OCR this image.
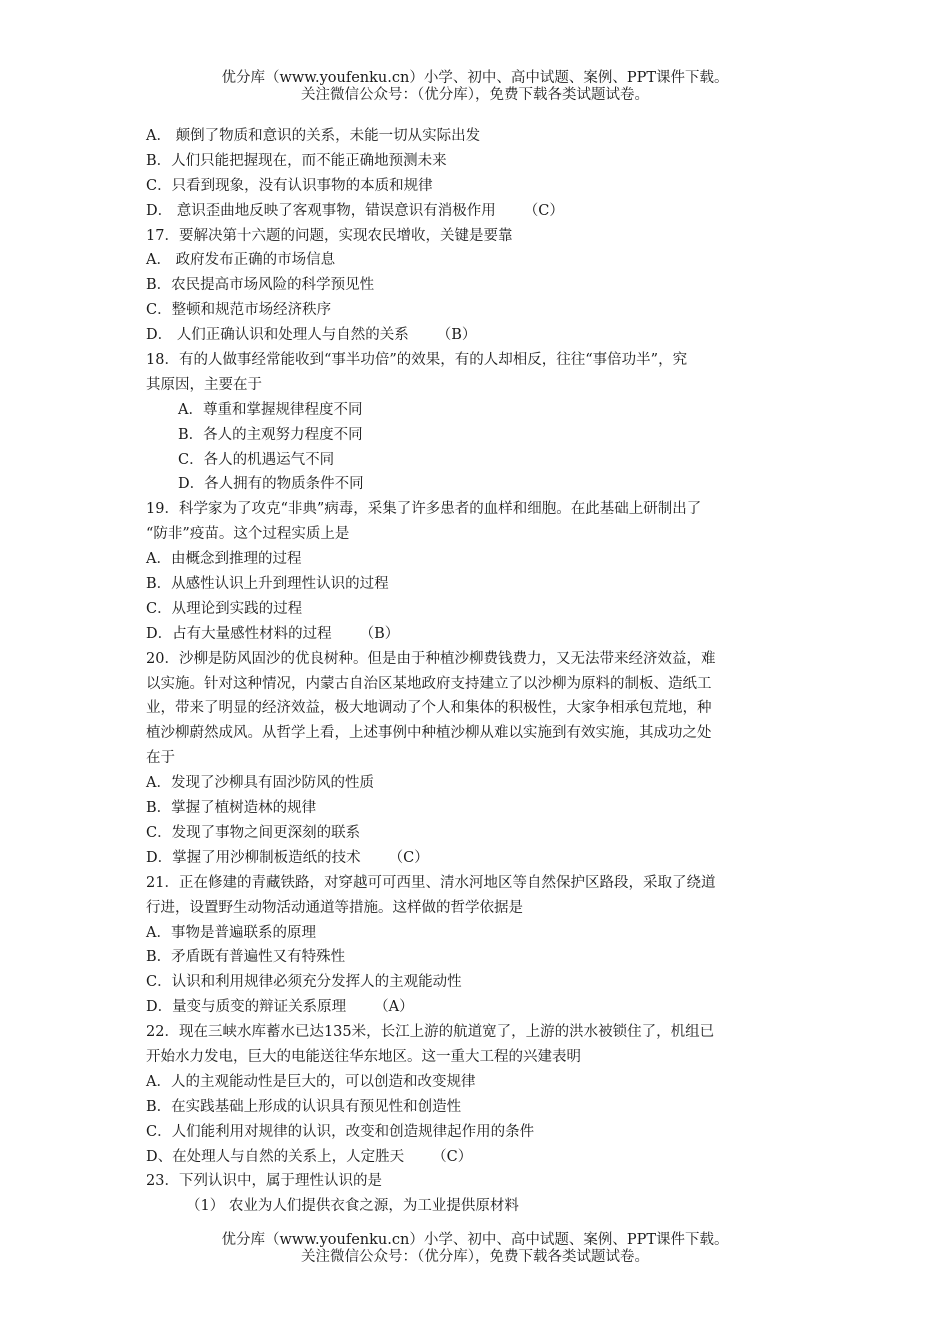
优分库（www.youfenku.cn）小学、初中、高中试题、案例、PPT课件下载。
关注微信公众号：（优分库），免费下载各类试题试卷。
A． 颠倒了物质和意识的关系，未能一切从实际出发
B．人们只能把握现在，而不能正确地预测未来
C．只看到现象，没有认识事物的本质和规律
D． 意识歪曲地反映了客观事物，错误意识有消极作用 （C）
17．要解决第十六题的问题，实现农民增收，关键是要靠
A． 政府发布正确的市场信息
B．农民提高市场风险的科学预见性
C．整顿和规范市场经济秩序
D． 人们正确认识和处理人与自然的关系 （B）
18．有的人做事经常能收到“事半功倍”的效果，有的人却相反，往往“事倍功半”，究
其原因，主要在于
A．尊重和掌握规律程度不同
B．各人的主观努力程度不同
C．各人的机遇运气不同
D．各人拥有的物质条件不同
19．科学家为了攻克“非典”病毒，采集了许多患者的血样和细胞。在此基础上研制出了
“防非”疫苗。这个过程实质上是
A．由概念到推理的过程
B．从感性认识上升到理性认识的过程
C．从理论到实践的过程
D．占有大量感性材料的过程 （B）
20．沙柳是防风固沙的优良树种。但是由于种植沙柳费钱费力，又无法带来经济效益，难
以实施。针对这种情况，内蒙古自治区某地政府支持建立了以沙柳为原料的制板、造纸工
业，带来了明显的经济效益，极大地调动了个人和集体的积极性，大家争相承包荒地，种
植沙柳蔚然成风。从哲学上看，上述事例中种植沙柳从难以实施到有效实施，其成功之处
在于
A．发现了沙柳具有固沙防风的性质
B．掌握了植树造林的规律
C．发现了事物之间更深刻的联系
D．掌握了用沙柳制板造纸的技术 （C）
21．正在修建的青藏铁路，对穿越可可西里、清水河地区等自然保护区路段，采取了绕道
行进，设置野生动物活动通道等措施。这样做的哲学依据是
A．事物是普遍联系的原理
B．矛盾既有普遍性又有特殊性
C．认识和利用规律必须充分发挥人的主观能动性
D．量变与质变的辩证关系原理 （A）
22．现在三峡水库蓄水已达135米，长江上游的航道宽了，上游的洪水被锁住了，机组已
开始水力发电，巨大的电能送往华东地区。这一重大工程的兴建表明
A．人的主观能动性是巨大的，可以创造和改变规律
B．在实践基础上形成的认识具有预见性和创造性
C．人们能利用对规律的认识，改变和创造规律起作用的条件
D、在处理人与自然的关系上，人定胜天 （C）
23．下列认识中，属于理性认识的是
（1） 农业为人们提供衣食之源，为工业提供原材料
优分库（www.youfenku.cn）小学、初中、高中试题、案例、PPT课件下载。
关注微信公众号：（优分库），免费下载各类试题试卷。
